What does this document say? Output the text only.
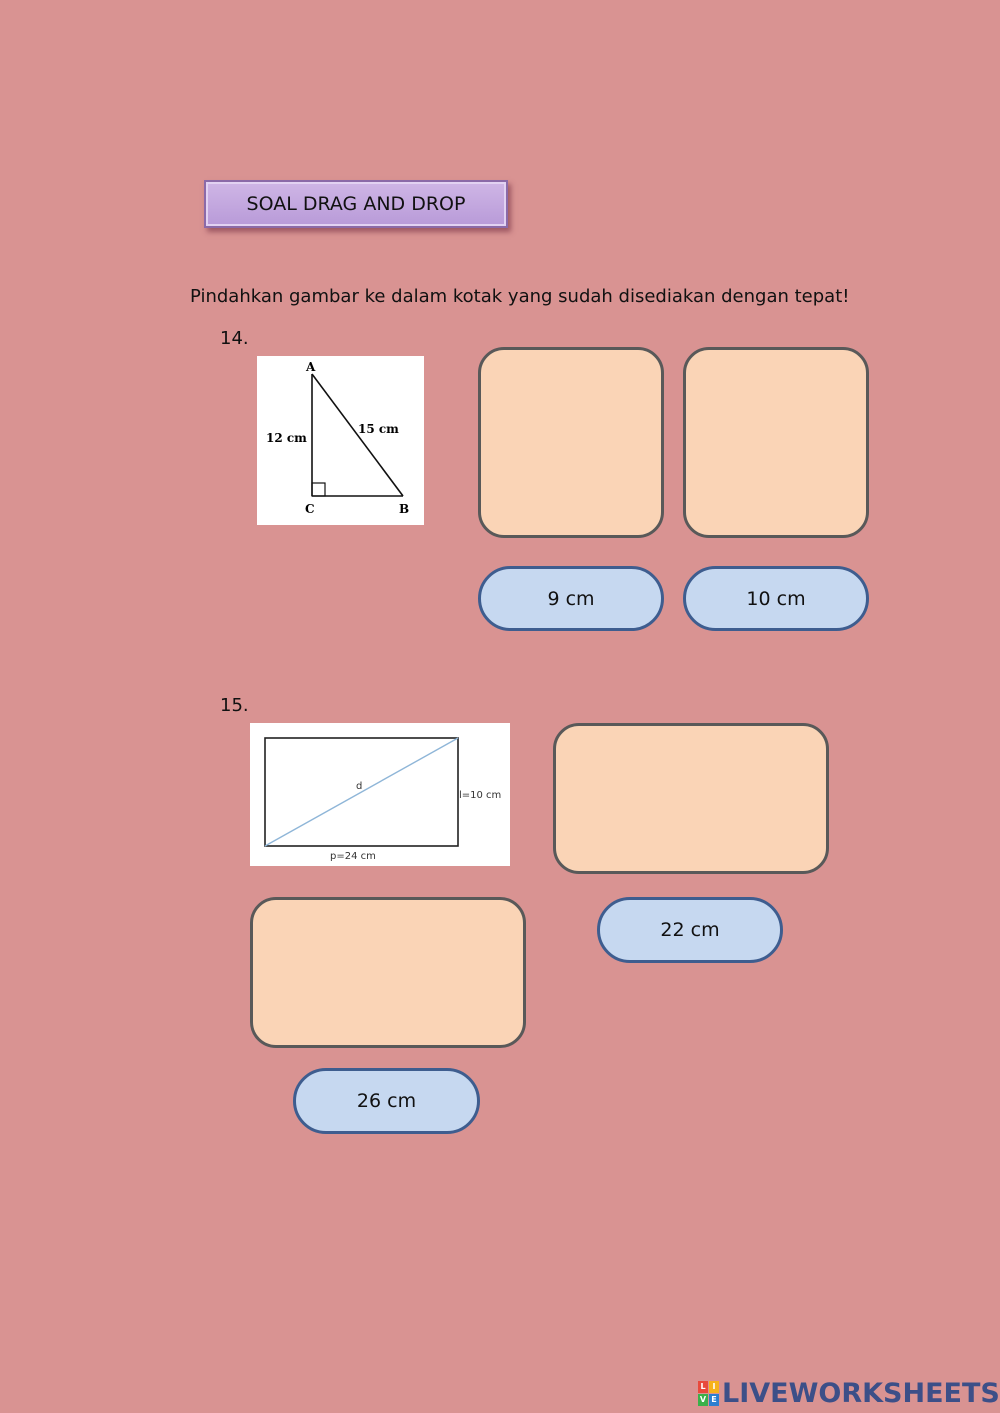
SOAL DRAG AND DROP
Pindahkan gambar ke dalam kotak yang sudah disediakan dengan tepat!
14.
A
C	B
12 cm
15 cm
9 cm	10 cm
15.
d
l=10 cm
p=24 cm
22 cm
26 cm
L I
V E LIVEWORKSHEETS
